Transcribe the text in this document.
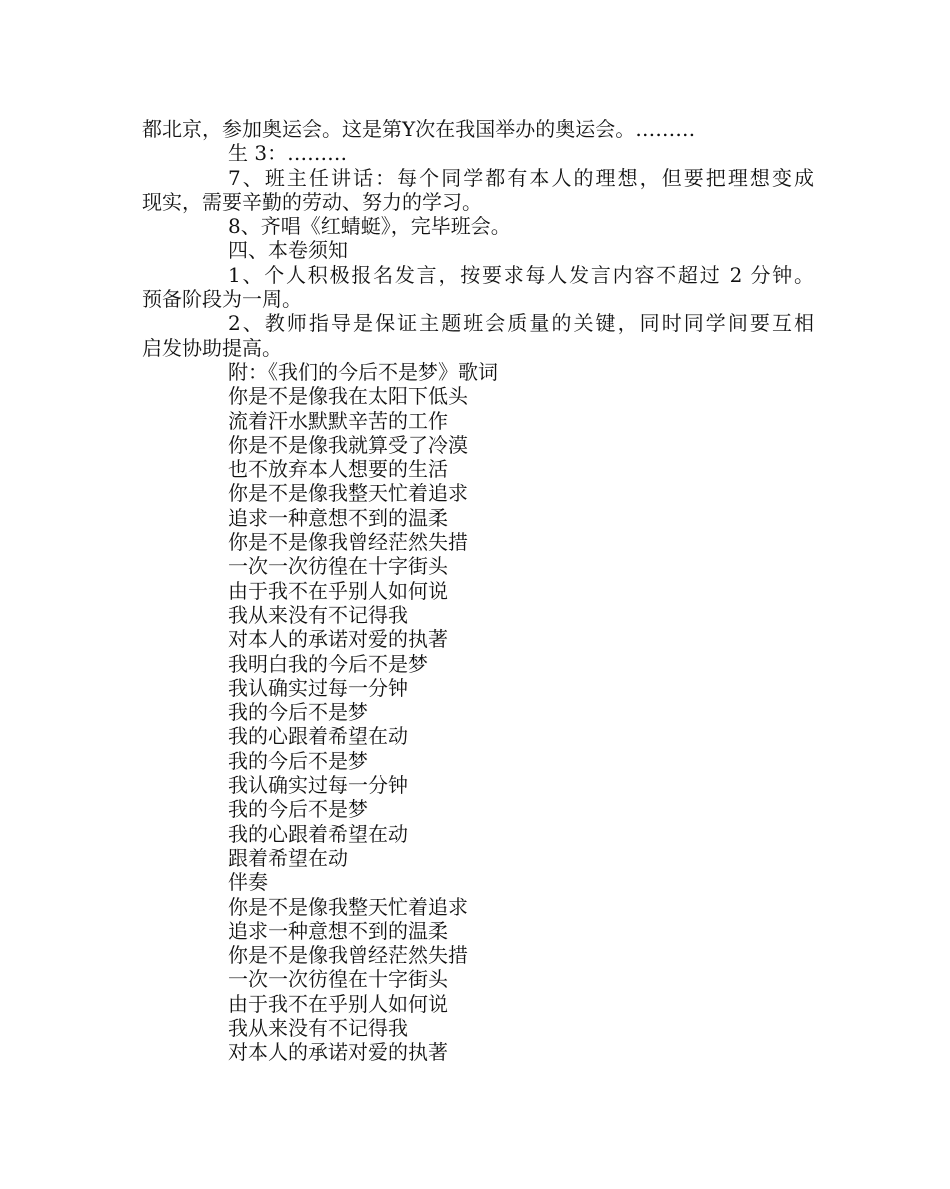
都北京，参加奥运会。这是第Y次在我国举办的奥运会。………
生 3：………
7、班主任讲话：每个同学都有本人的理想，但要把理想变成
现实，需要辛勤的劳动、努力的学习。
8、齐唱《红蜻蜓》，完毕班会。
四、本卷须知
1、个人积极报名发言，按要求每人发言内容不超过 2 分钟。
预备阶段为一周。
2、教师指导是保证主题班会质量的关键，同时同学间要互相
启发协助提高。
附：《我们的今后不是梦》歌词
你是不是像我在太阳下低头
流着汗水默默辛苦的工作
你是不是像我就算受了冷漠
也不放弃本人想要的生活
你是不是像我整天忙着追求
追求一种意想不到的温柔
你是不是像我曾经茫然失措
一次一次彷徨在十字街头
由于我不在乎别人如何说
我从来没有不记得我
对本人的承诺对爱的执著
我明白我的今后不是梦
我认确实过每一分钟
我的今后不是梦
我的心跟着希望在动
我的今后不是梦
我认确实过每一分钟
我的今后不是梦
我的心跟着希望在动
跟着希望在动
伴奏
你是不是像我整天忙着追求
追求一种意想不到的温柔
你是不是像我曾经茫然失措
一次一次彷徨在十字街头
由于我不在乎别人如何说
我从来没有不记得我
对本人的承诺对爱的执著
